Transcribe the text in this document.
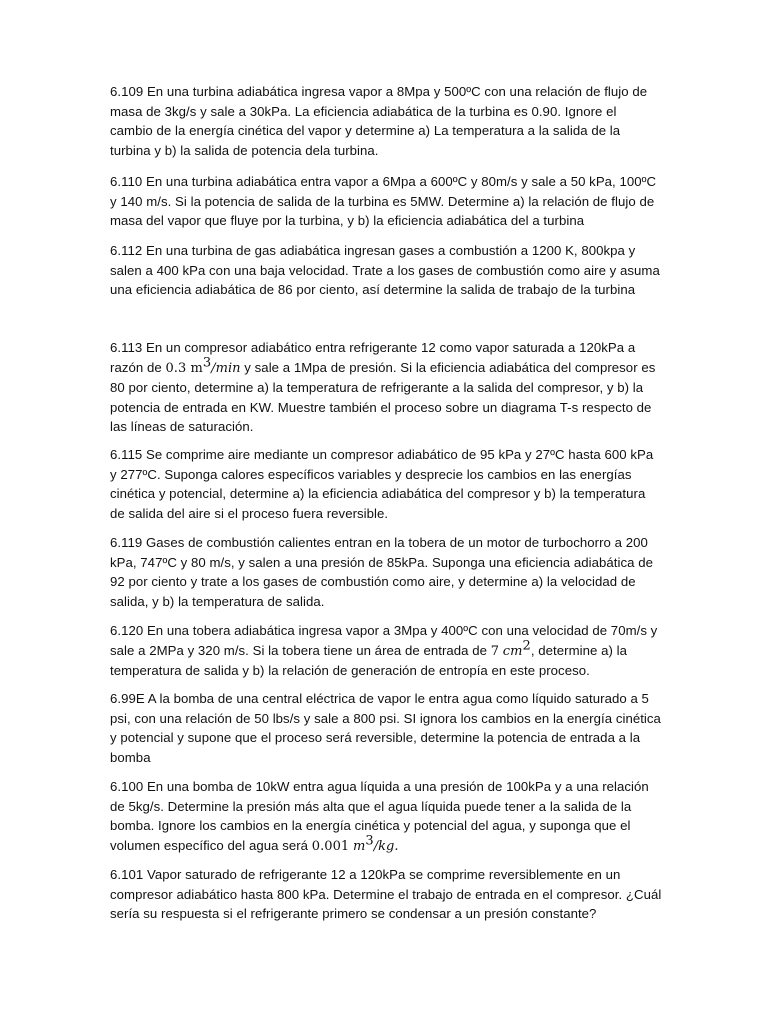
6.109 En una turbina adiabática ingresa vapor a 8Mpa y 500ºC con una relación de flujo de masa de 3kg/s y sale a 30kPa. La eficiencia adiabática de la turbina es 0.90. Ignore el cambio de la energía cinética del vapor y determine a) La temperatura a la salida de la turbina y b) la salida de potencia dela turbina.

6.110 En una turbina adiabática entra vapor a 6Mpa a 600ºC y 80m/s y sale a 50 kPa, 100ºC y 140 m/s. Si la potencia de salida de la turbina es 5MW. Determine a) la relación de flujo de masa del vapor que fluye por la turbina, y b) la eficiencia adiabática del a turbina

6.112 En una turbina de gas adiabática ingresan gases a combustión a 1200 K, 800kpa y salen a 400 kPa con una baja velocidad. Trate a los gases de combustión como aire y asuma una eficiencia adiabática de 86 por ciento, así determine la salida de trabajo de la turbina

6.113 En un compresor adiabático entra refrigerante 12 como vapor saturada a 120kPa a razón de 0.3 $m^3/\min$ y sale a 1Mpa de presión. Si la eficiencia adiabática del compresor es 80 por ciento, determine a) la temperatura de refrigerante a la salida del compresor, y b) la potencia de entrada en KW. Muestre también el proceso sobre un diagrama T-s respecto de las líneas de saturación.

6.115 Se comprime aire mediante un compresor adiabático de 95 kPa y 27ºC hasta 600 kPa y 277ºC. Suponga calores específicos variables y desprecie los cambios en las energías cinética y potencial, determine a) la eficiencia adiabática del compresor y b) la temperatura de salida del aire si el proceso fuera reversible.

6.119 Gases de combustión calientes entran en la tobera de un motor de turbochorro a 200 kPa, 747ºC y 80 m/s, y salen a una presión de 85kPa. Suponga una eficiencia adiabática de 92 por ciento y trate a los gases de combustión como aire, y determine a) la velocidad de salida, y b) la temperatura de salida.

6.120 En una tobera adiabática ingresa vapor a 3Mpa y 400ºC con una velocidad de 70m/s y sale a 2MPa y 320 m/s. Si la tobera tiene un área de entrada de 7 $cm^2$, determine a) la temperatura de salida y b) la relación de generación de entropía en este proceso.

6.99E A la bomba de una central eléctrica de vapor le entra agua como líquido saturado a 5 psi, con una relación de 50 lbs/s y sale a 800 psi. SI ignora los cambios en la energía cinética y potencial y supone que el proceso será reversible, determine la potencia de entrada a la bomba

6.100 En una bomba de 10kW entra agua líquida a una presión de 100kPa y a una relación de 5kg/s. Determine la presión más alta que el agua líquida puede tener a la salida de la bomba. Ignore los cambios en la energía cinética y potencial del agua, y suponga que el volumen específico del agua será 0.001 $m^3/kg$.

6.101 Vapor saturado de refrigerante 12 a 120kPa se comprime reversiblemente en un compresor adiabático hasta 800 kPa. Determine el trabajo de entrada en el compresor. ¿Cuál sería su respuesta si el refrigerante primero se condensar a un presión constante?
